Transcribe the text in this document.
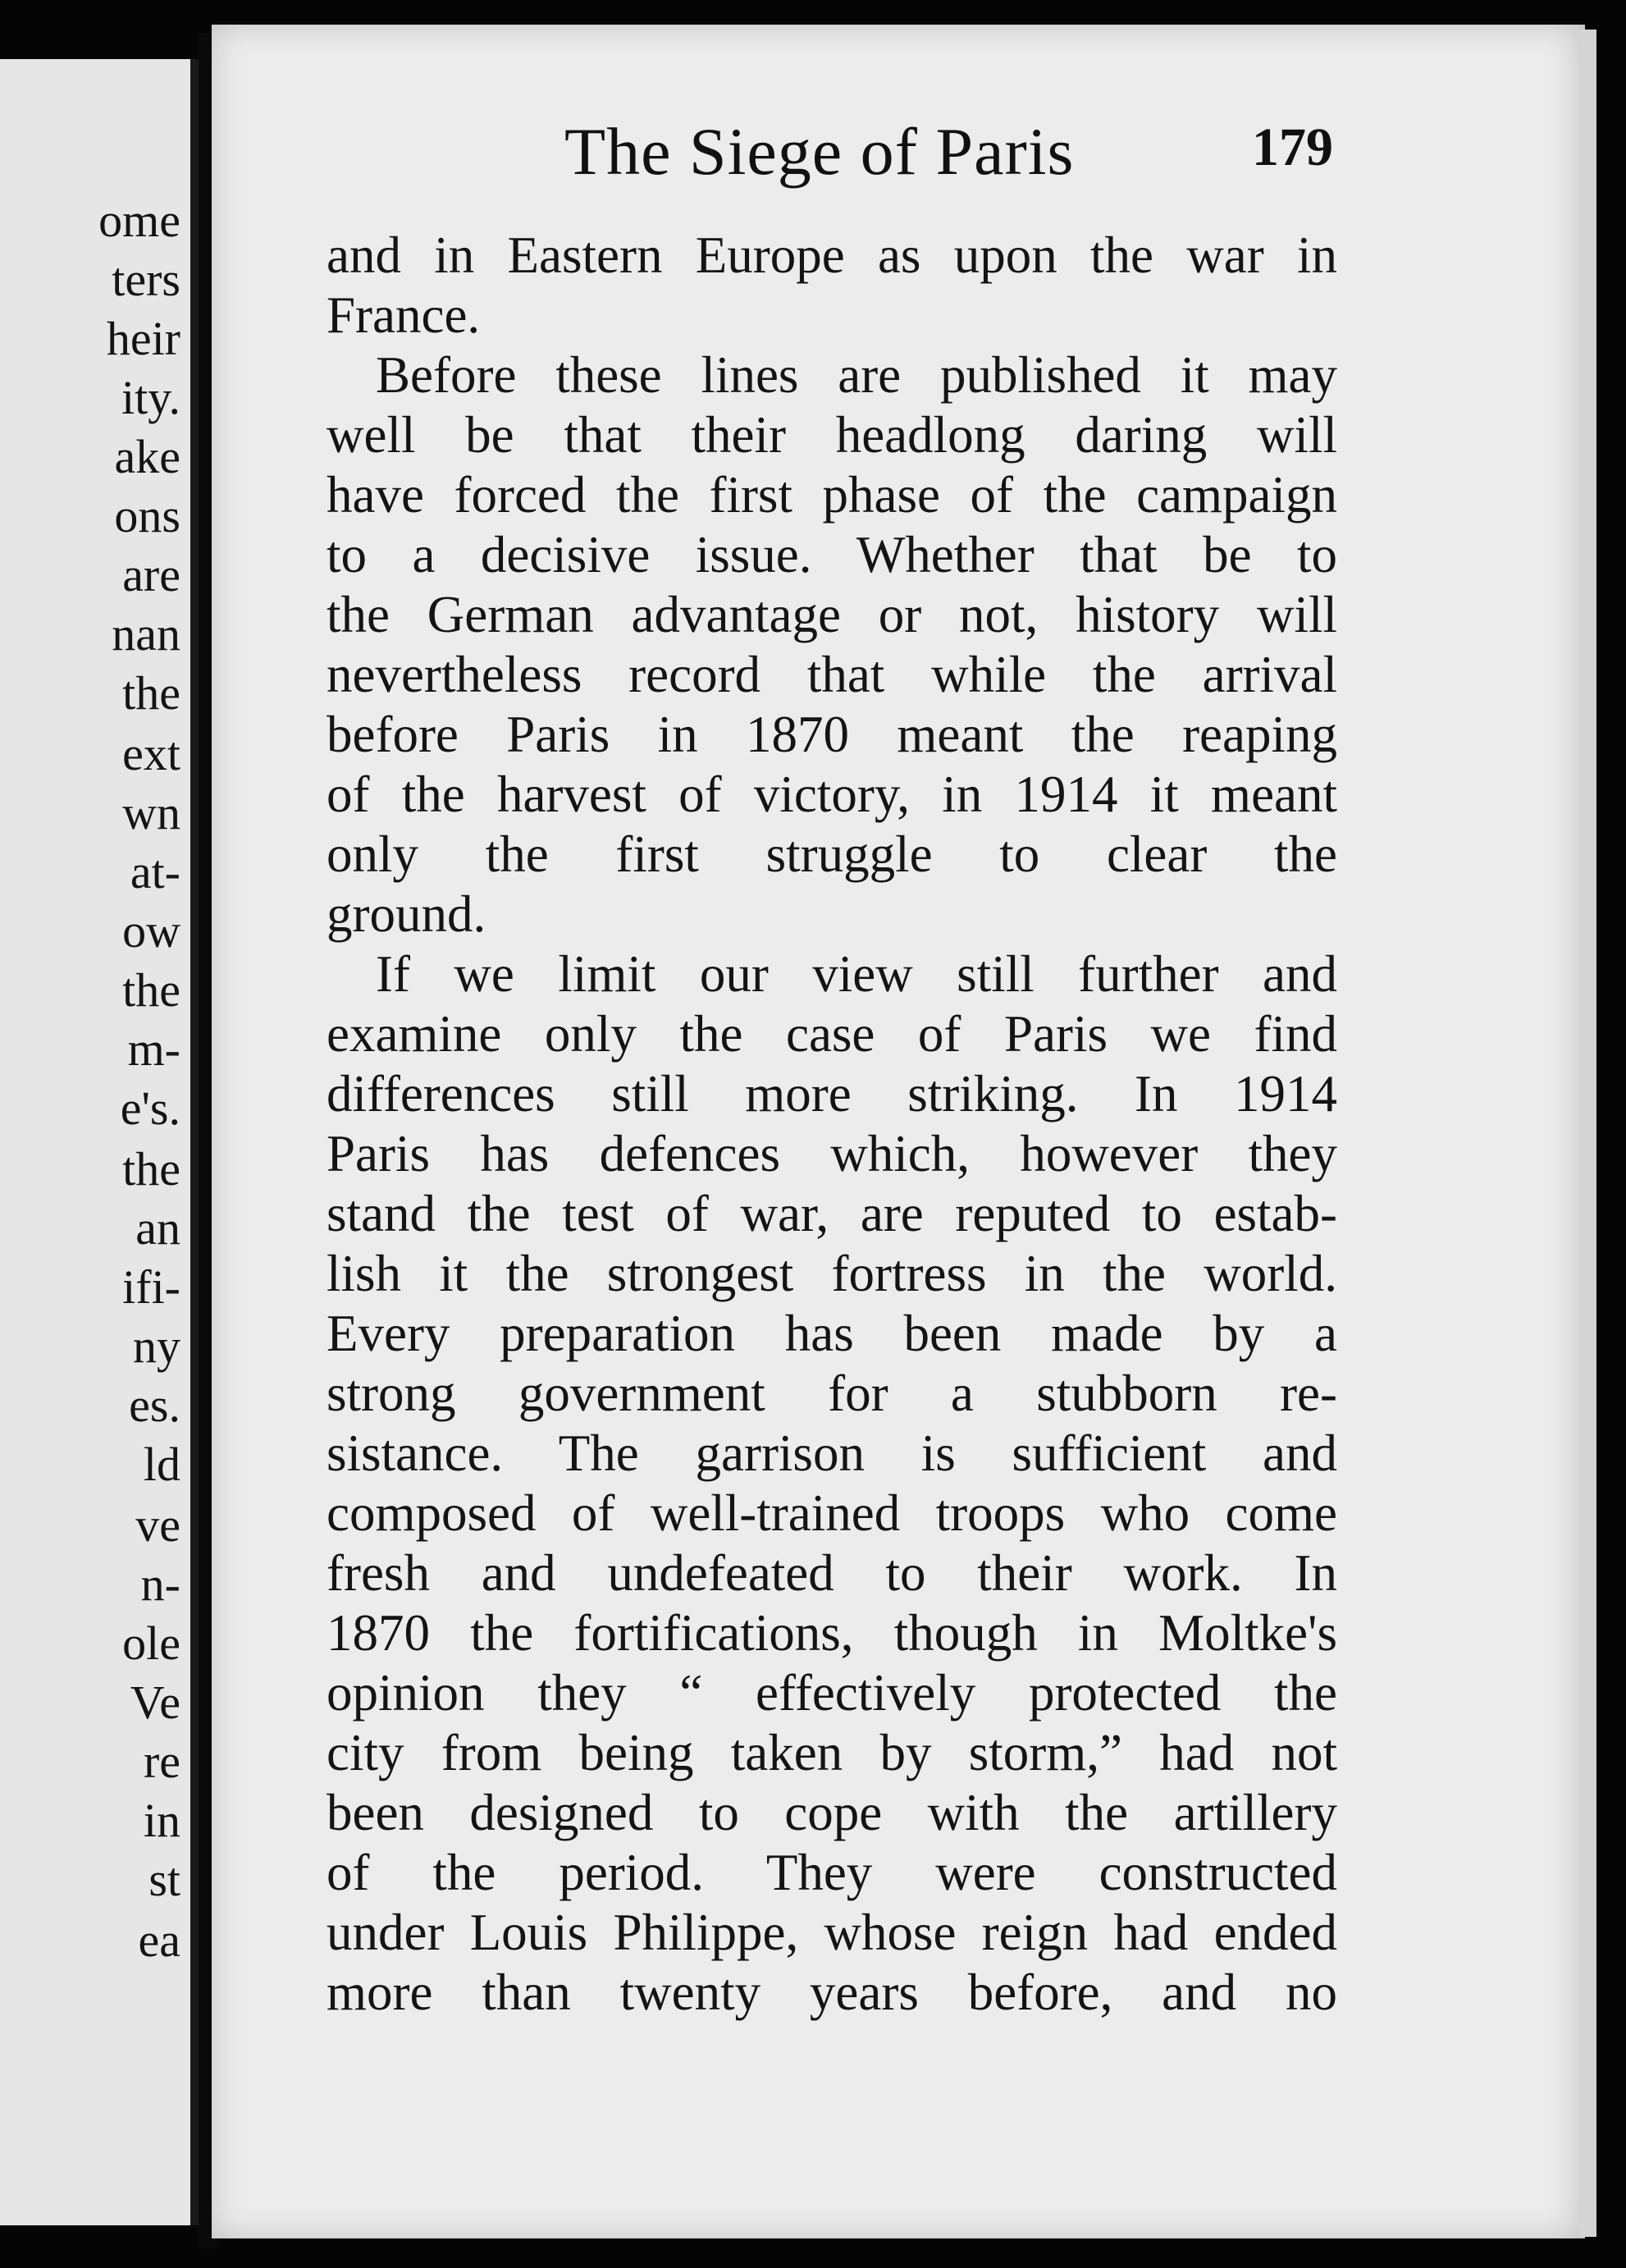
ome
ters
heir
ity.
ake
ons
are
nan
the
ext
wn
at-
ow
the
m-
e's.
the
an
ifi-
ny
es.
ld
ve
n-
ole
Ve
re
in
st
ea
The Siege of Paris	179
and in Eastern Europe as upon the war in
France.
Before these lines are published it may
well be that their headlong daring will
have forced the first phase of the campaign
to a decisive issue. Whether that be to
the German advantage or not, history will
nevertheless record that while the arrival
before Paris in 1870 meant the reaping
of the harvest of victory, in 1914 it meant
only the first struggle to clear the
ground.
If we limit our view still further and
examine only the case of Paris we find
differences still more striking. In 1914
Paris has defences which, however they
stand the test of war, are reputed to estab-
lish it the strongest fortress in the world.
Every preparation has been made by a
strong government for a stubborn re-
sistance. The garrison is sufficient and
composed of well-trained troops who come
fresh and undefeated to their work. In
1870 the fortifications, though in Moltke's
opinion they “ effectively protected the
city from being taken by storm,” had not
been designed to cope with the artillery
of the period. They were constructed
under Louis Philippe, whose reign had ended
more than twenty years before, and no
